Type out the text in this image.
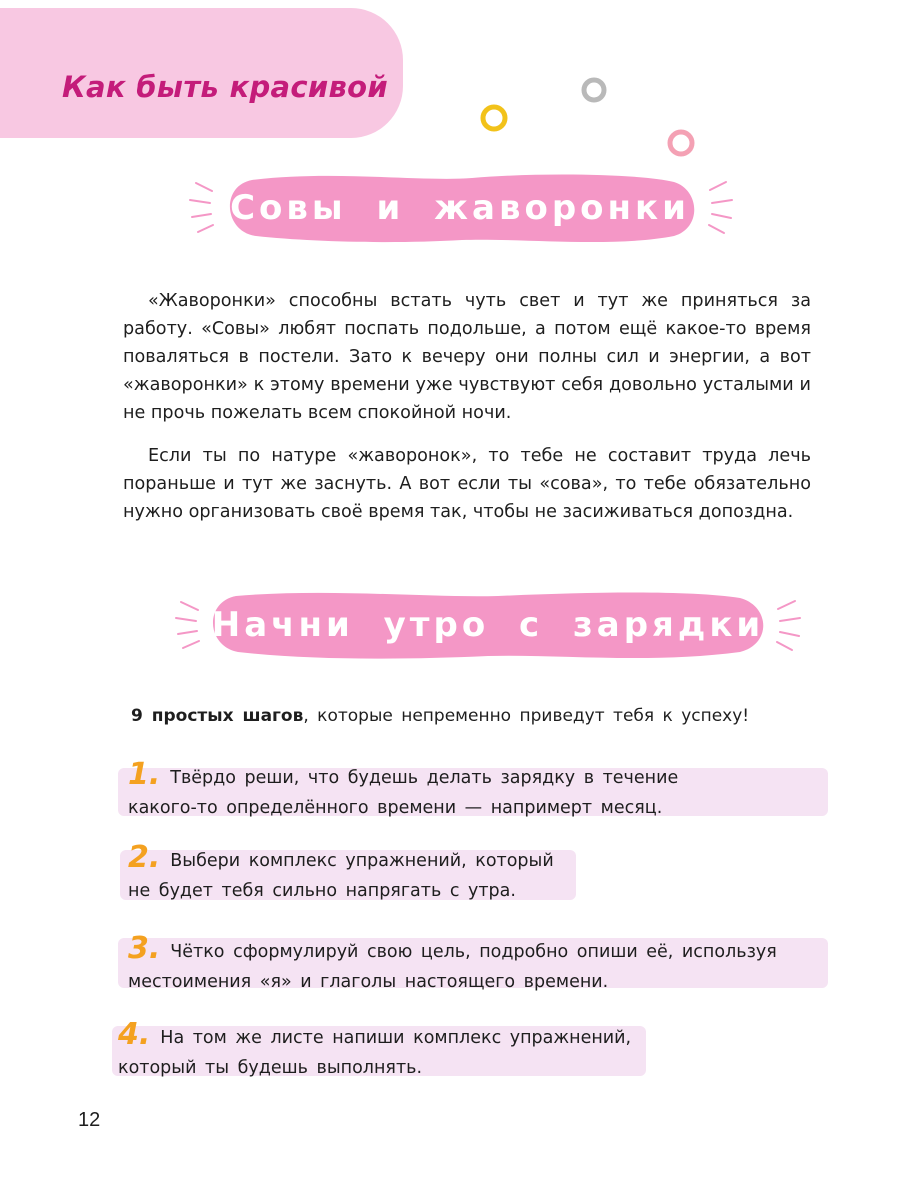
Как быть красивой
Совы и жаворонки

«Жаворонки» способны встать чуть свет и тут же приняться за работу. «Совы» любят поспать подольше, а потом ещё какое-то время поваляться в постели. Зато к вечеру они полны сил и энергии, а вот «жаворонки» к этому времени уже чувствуют себя довольно усталыми и не прочь пожелать всем спокойной ночи.

Если ты по натуре «жаворонок», то тебе не составит труда лечь пораньше и тут же заснуть. А вот если ты «сова», то тебе обязательно нужно организовать своё время так, чтобы не засиживаться допоздна.

Начни утро с зарядки
9 простых шагов, которые непременно приведут тебя к успеху!
1. Твёрдо реши, что будешь делать зарядку в течение
какого-то определённого времени — напримерт месяц.
2. Выбери комплекс упражнений, который
не будет тебя сильно напрягать с утра.
3. Чётко сформулируй свою цель, подробно опиши её, используя
местоимения «я» и глаголы настоящего времени.
4. На том же листе напиши комплекс упражнений,
который ты будешь выполнять.
12
